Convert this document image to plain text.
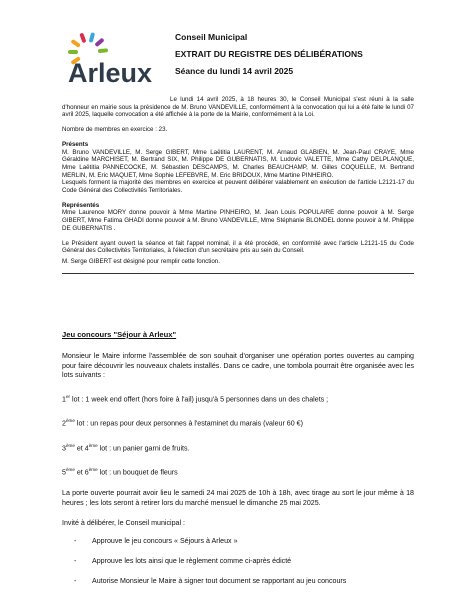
Arleux
Conseil Municipal
EXTRAIT DU REGISTRE DES DÉLIBÉRATIONS
Séance du lundi 14 avril 2025

Le lundi 14 avril 2025, à 18 heures 30, le Conseil Municipal s'est réuni à la salle d'honneur en mairie sous la présidence de M. Bruno VANDEVILLE, conformément à la convocation qui lui a été faite le lundi 07 avril 2025, laquelle convocation a été affichée à la porte de la Mairie, conformément à la Loi.

Nombre de membres en exercice : 23.

Présents

M. Bruno VANDEVILLE, M. Serge GIBERT, Mme Laëtitia LAURENT, M. Arnaud GLABIEN, M. Jean-Paul CRAYE, Mme Géraldine MARCHISET, M. Bertrand SIX, M. Philippe DE GUBERNATIS, M. Ludovic VALETTE, Mme Cathy DELPLANQUE, Mme Laëtitia PANNECOCKE, M. Sébastien DESCAMPS, M. Charles BEAUCHAMP, M. Gilles COQUELLE, M. Bertrand MERLIN, M. Eric MAQUET, Mme Sophie LEFEBVRE, M. Eric BRIDOUX, Mme Martine PINHEIRO.

Lesquels forment la majorité des membres en exercice et peuvent délibérer valablement en exécution de l'article L2121-17 du Code Général des Collectivités Territoriales.

Représentés

Mme Laurence MORY donne pouvoir à Mme Martine PINHEIRO, M. Jean Louis POPULAIRE donne pouvoir à M. Serge GIBERT, Mme Fatima GHADI donne pouvoir à M. Bruno VANDEVILLE, Mme Stéphanie BLONDEL donne pouvoir à M. Philippe DE GUBERNATIS .

Le Président ayant ouvert la séance et fait l'appel nominal, il a été procédé, en conformité avec l'article L2121-15 du Code Général des Collectivités Territoriales, à l'élection d'un secrétaire pris au sein du Conseil.

M. Serge GIBERT est désigné pour remplir cette fonction.

Jeu concours "Séjour à Arleux"

Monsieur le Maire informe l'assemblée de son souhait d'organiser une opération portes ouvertes au camping pour faire découvrir les nouveaux chalets installés. Dans ce cadre, une tombola pourrait être organisée avec les lots suivants :

1er lot : 1 week end offert (hors foire à l'ail) jusqu'à 5 personnes dans un des chalets ;

2ème lot : un repas pour deux personnes à l'estaminet du marais (valeur 60 €)

3ème et 4ème lot : un panier garni de fruits.

5ème et 6ème lot : un bouquet de fleurs

La porte ouverte pourrait avoir lieu le samedi 24 mai 2025 de 10h à 18h, avec tirage au sort le jour même à 18 heures ; les lots seront à retirer lors du marché mensuel le dimanche 25 mai 2025.

Invité à délibérer, le Conseil municipal :

- Approuve le jeu concours « Séjours à Arleux »
- Approuve les lots ainsi que le règlement comme ci-après édicté
- Autorise Monsieur le Maire à signer tout document se rapportant au jeu concours
